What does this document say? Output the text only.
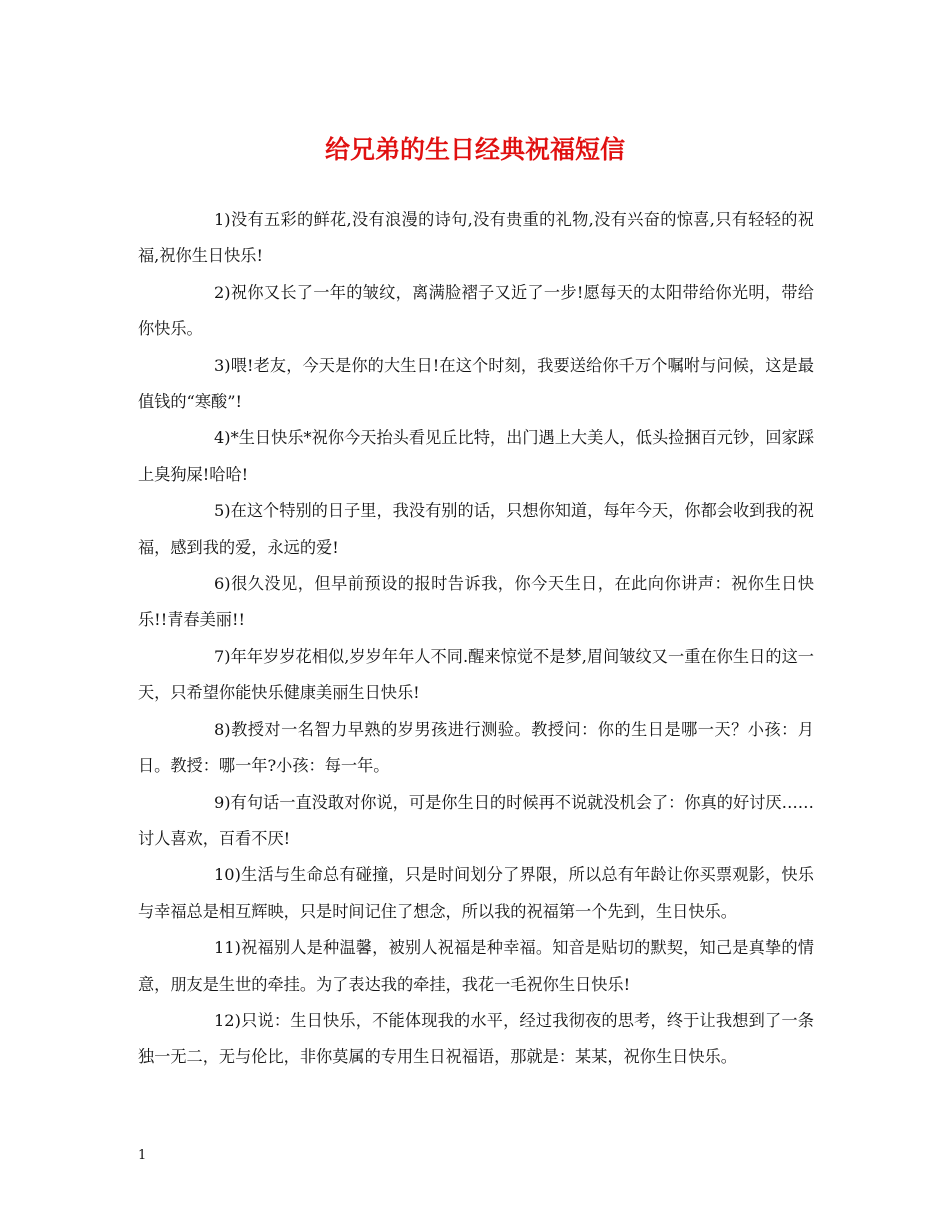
给兄弟的生日经典祝福短信

1)没有五彩的鲜花,没有浪漫的诗句,没有贵重的礼物,没有兴奋的惊喜,只有轻轻的祝福,祝你生日快乐!

2)祝你又长了一年的皱纹，离满脸褶子又近了一步!愿每天的太阳带给你光明，带给你快乐。

3)喂!老友，今天是你的大生日!在这个时刻，我要送给你千万个嘱咐与问候，这是最值钱的“寒酸”!

4)*生日快乐*祝你今天抬头看见丘比特，出门遇上大美人，低头捡捆百元钞，回家踩上臭狗屎!哈哈!

5)在这个特别的日子里，我没有别的话，只想你知道，每年今天，你都会收到我的祝福，感到我的爱，永远的爱!

6)很久没见，但早前预设的报时告诉我，你今天生日，在此向你讲声：祝你生日快乐!!青春美丽!!

7)年年岁岁花相似,岁岁年年人不同.醒来惊觉不是梦,眉间皱纹又一重在你生日的这一天，只希望你能快乐健康美丽生日快乐!

8)教授对一名智力早熟的岁男孩进行测验。教授问：你的生日是哪一天？小孩：月日。教授：哪一年?小孩：每一年。

9)有句话一直没敢对你说，可是你生日的时候再不说就没机会了：你真的好讨厌……讨人喜欢，百看不厌!

10)生活与生命总有碰撞，只是时间划分了界限，所以总有年龄让你买票观影，快乐与幸福总是相互辉映，只是时间记住了想念，所以我的祝福第一个先到，生日快乐。

11)祝福别人是种温馨，被别人祝福是种幸福。知音是贴切的默契，知己是真挚的情意，朋友是生世的牵挂。为了表达我的牵挂，我花一毛祝你生日快乐!

12)只说：生日快乐，不能体现我的水平，经过我彻夜的思考，终于让我想到了一条独一无二，无与伦比，非你莫属的专用生日祝福语，那就是：某某，祝你生日快乐。

1
